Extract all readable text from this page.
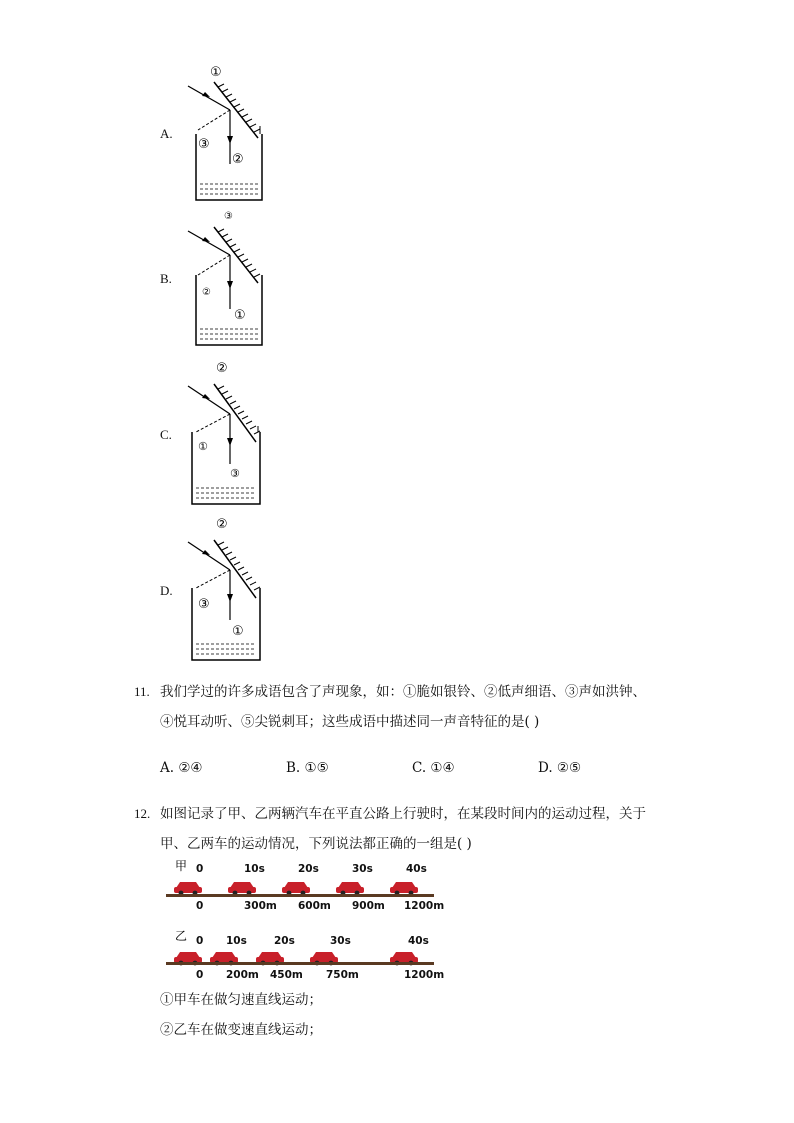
A.
①
③
②
B.
③
②
①
C.
②
①
③
D.
②
③
①
11. 我们学过的许多成语包含了声现象，如：①脆如银铃、②低声细语、③声如洪钟、
④悦耳动听、⑤尖锐刺耳；这些成语中描述同一声音特征的是( )
A. ②④	B. ①⑤	C. ①④	D. ②⑤
12. 如图记录了甲、乙两辆汽车在平直公路上行驶时，在某段时间内的运动过程，关于
甲、乙两车的运动情况，下列说法都正确的一组是( )
甲 0	10s	20s	30s	40s
0	300m 600m 900m 1200m
乙 0 10s	20s	30s	40s
0 200m 450m 750m	1200m
①甲车在做匀速直线运动；
②乙车在做变速直线运动；
